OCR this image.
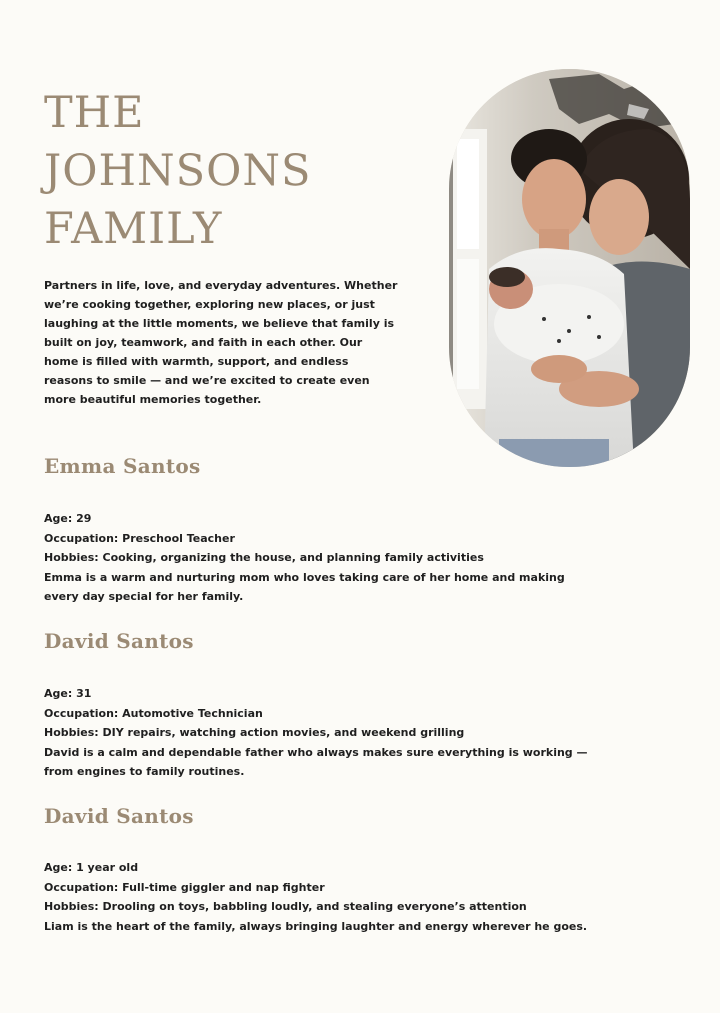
THE JOHNSONS
FAMILY

Partners in life, love, and everyday adventures. Whether we’re cooking together, exploring new places, or just laughing at the little moments, we believe that family is built on joy, teamwork, and faith in each other. Our home is filled with warmth, support, and endless reasons to smile — and we’re excited to create even more beautiful memories together.

Emma Santos
Age: 29
Occupation: Preschool Teacher
Hobbies: Cooking, organizing the house, and planning family activities
Emma is a warm and nurturing mom who loves taking care of her home and making every day special for her family.
David Santos
Age: 31
Occupation: Automotive Technician
Hobbies: DIY repairs, watching action movies, and weekend grilling
David is a calm and dependable father who always makes sure everything is working — from engines to family routines.
David Santos
Age: 1 year old
Occupation: Full-time giggler and nap fighter
Hobbies: Drooling on toys, babbling loudly, and stealing everyone’s attention
Liam is the heart of the family, always bringing laughter and energy wherever he goes.
